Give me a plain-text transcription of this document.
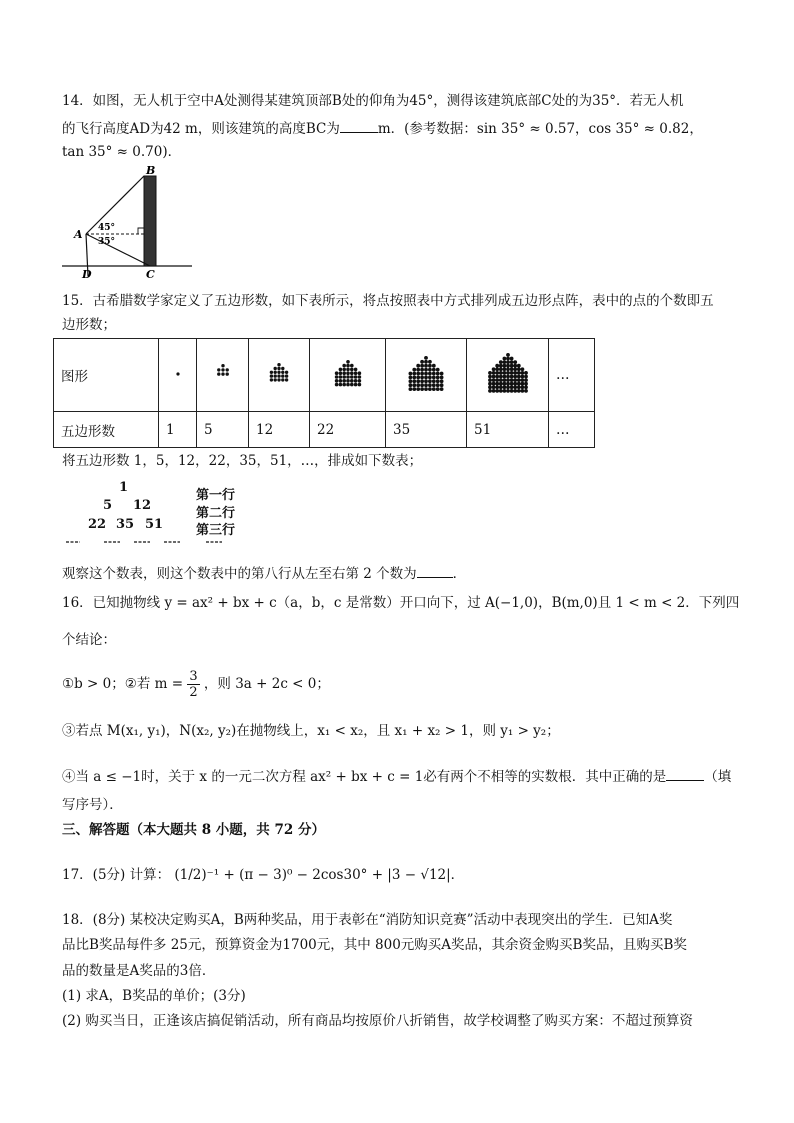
14．如图，无人机于空中A处测得某建筑顶部B处的仰角为45°，测得该建筑底部C处的为35°．若无人机
的飞行高度AD为42 m，则该建筑的高度BC为	m．(参考数据：sin 35° ≈ 0.57，cos 35° ≈ 0.82，
tan 35° ≈ 0.70)．
B
A
C
D
45°
35°
15．古希腊数学家定义了五边形数，如下表所示，将点按照表中方式排列成五边形点阵，表中的点的个数即五
边形数；
图形							…
五边形数	1	5	12	22	35	51	…
将五边形数 1，5，12，22，35，51，…，排成如下数表；
1
5 12
22 35 51
第一行
第二行
第三行
观察这个数表，则这个数表中的第八行从左至右第 2 个数为	．
16．已知抛物线 y = ax² + bx + c（a，b，c 是常数）开口向下，过 A(−1,0)，B(m,0)且 1 < m < 2．下列四
个结论：
①b > 0；②若 $m = \frac{3}{2}$ ，则 3a + 2c < 0；
③若点 M(x₁, y₁)，N(x₂, y₂)在抛物线上，x₁ < x₂，且 x₁ + x₂ > 1，则 y₁ > y₂；
④当 a ≤ −1时，关于 x 的一元二次方程 ax² + bx + c = 1必有两个不相等的实数根．其中正确的是	（填
写序号）．
三、解答题（本大题共 8 小题，共 72 分）
17．(5分) 计算： (1/2)⁻¹ + (π − 3)⁰ − 2cos30° + |3 − √12|．
18．(8分) 某校决定购买A，B两种奖品，用于表彰在“消防知识竞赛”活动中表现突出的学生．已知A奖
品比B奖品每件多 25元，预算资金为1700元，其中 800元购买A奖品，其余资金购买B奖品，且购买B奖
品的数量是A奖品的3倍．
(1) 求A，B奖品的单价；(3分)
(2) 购买当日，正逢该店搞促销活动，所有商品均按原价八折销售，故学校调整了购买方案：不超过预算资
